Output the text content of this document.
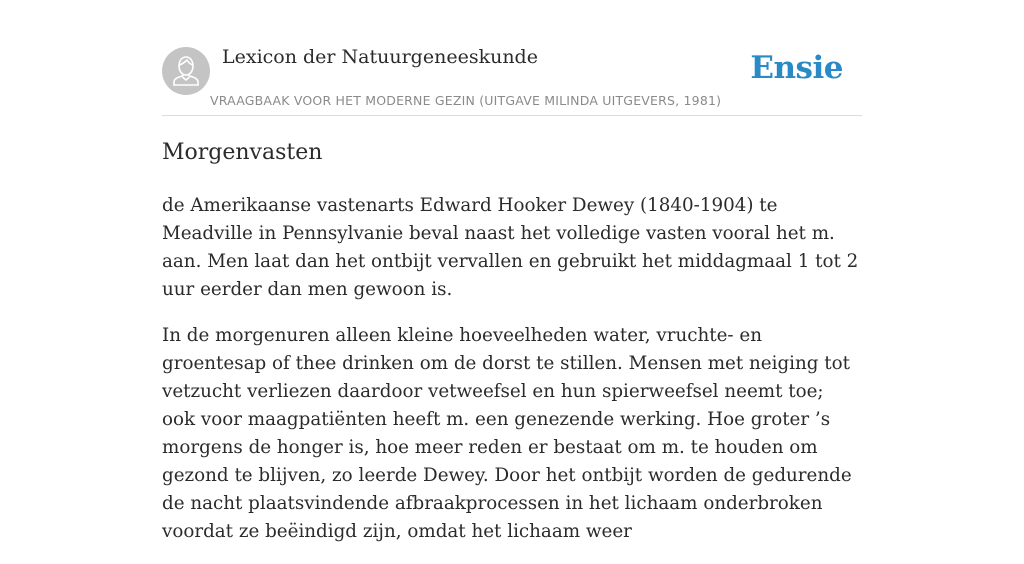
Lexicon der Natuurgeneeskunde
VRAAGBAAK VOOR HET MODERNE GEZIN (UITGAVE MILINDA UITGEVERS, 1981)
Ensie
Morgenvasten

de Amerikaanse vastenarts Edward Hooker Dewey (1840-1904) te Meadville in Pennsylvanie beval naast het volledige vasten vooral het m. aan. Men laat dan het ontbijt vervallen en gebruikt het middagmaal 1 tot 2 uur eerder dan men gewoon is.

In de morgenuren alleen kleine hoeveelheden water, vruchte- en groentesap of thee drinken om de dorst te stillen. Mensen met neiging tot vetzucht verliezen daardoor vetweefsel en hun spierweefsel neemt toe; ook voor maagpatiënten heeft m. een genezende werking. Hoe groter ’s morgens de honger is, hoe meer reden er bestaat om m. te houden om gezond te blijven, zo leerde Dewey. Door het ontbijt worden de gedurende de nacht plaatsvindende afbraakprocessen in het lichaam onderbroken voordat ze beëindigd zijn, omdat het lichaam weer
